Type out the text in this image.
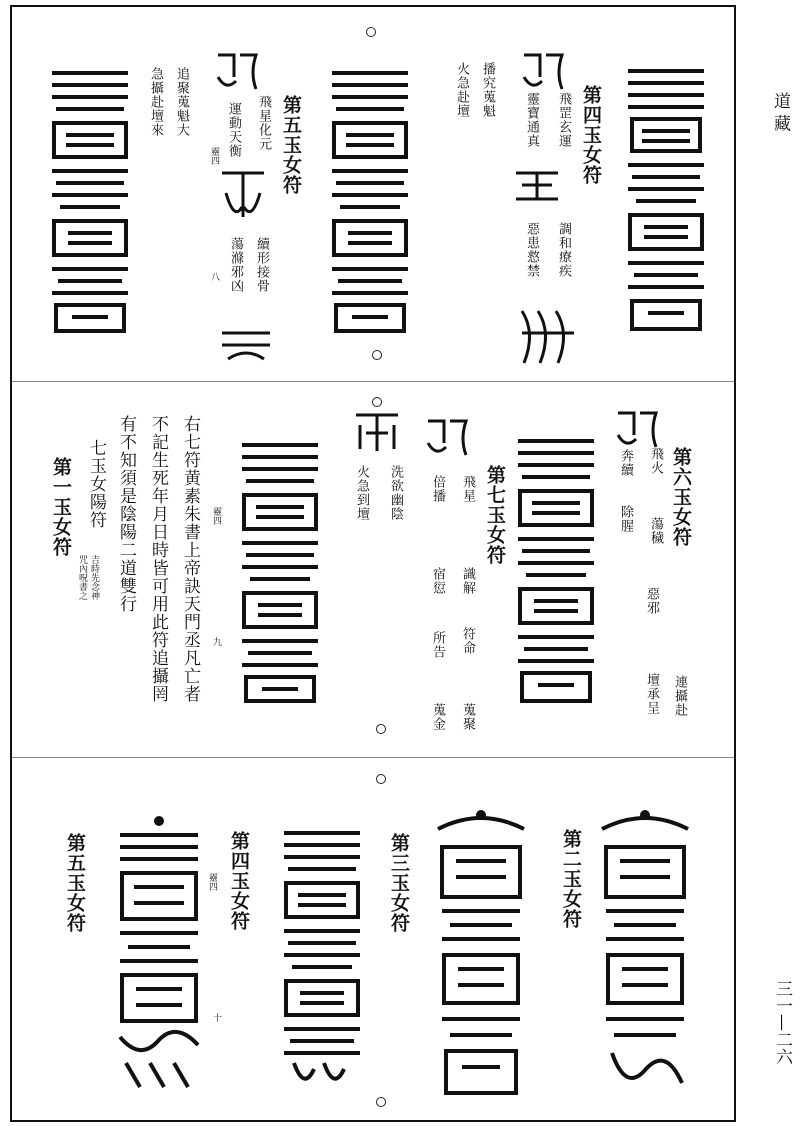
第四玉女符
飛罡玄運
靈寶通真
調和療疾
惡患慦禁
播究蒐魁
火急赴壇
第五玉女符
飛星化元
運動天衡
續形接骨
蕩滌邪凶
靈四
八
追聚蒐魁大
急攝赴壇來
第六玉女符
飛火
奔續
除腥 蕩穢
惡邪
連攝赴
壇承呈
第七玉女符
飛星
倍播
宿愆 識解
符命
所告
蒐聚
蒐金
洗欲幽陰
火急到壇
靈四
九
右七符黄素朱書上帝訣天門丞凡亡者
不記生死年月日時皆可用此符追攝罔
有不知須是陰陽二道雙行
七玉女陽符
吉時先念神
咒內呪書之
第一玉女符
第二玉女符
第三玉女符
第四玉女符
第五玉女符	靈四
十
道 藏
三一—二六
